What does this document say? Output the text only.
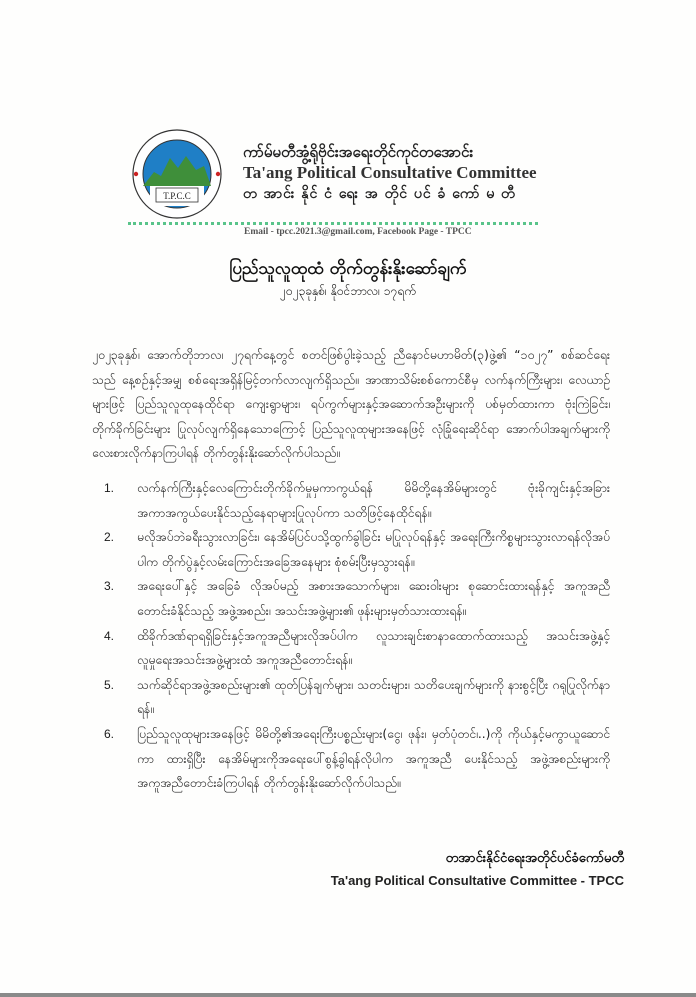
T.P.C.C
ကာ်မ်မတီအွံ့ရိုဗိုင်းအရေးတိုင်ကုင်တအောင်း
Ta'ang Political Consultative Committee
တ အာင်း နိုင် ငံ ရေး အ တိုင် ပင် ခံ ကော် မ တီ
Email - tpcc.2021.3@gmail.com, Facebook Page - TPCC
ပြည်သူလူထုထံ တိုက်တွန်းနိုးဆော်ချက်
၂၀၂၃ခုနှစ်၊ နိုဝင်ဘာလ၊ ၁၇ရက်
၂၀၂၃ခုနှစ်၊ အောက်တိုဘာလ၊ ၂၇ရက်နေ့တွင် စတင်ဖြစ်ပွါးခဲ့သည့် ညီနောင်မဟာမိတ်(၃)ဖွဲ့၏ “၁၀၂၇” စစ်ဆင်ရေးသည် နေ့စဉ်နှင့်အမျှ စစ်ရေးအရှိန်မြင့်တက်လာလျက်ရှိသည်။ အာဏာသိမ်းစစ်ကောင်စီမှ လက်နက်ကြီးများ၊ လေယာဉ်များဖြင့် ပြည်သူလူထုနေထိုင်ရာ ကျေးရွာများ၊ ရပ်ကွက်များနှင့်အဆောက်အဦးများကို ပစ်မှတ်ထားကာ ဗုံးကြဲခြင်း၊ တိုက်ခိုက်ခြင်းများ ပြုလုပ်လျက်ရှိနေသောကြောင့် ပြည်သူလူထုများအနေဖြင့် လုံခြုံရေးဆိုင်ရာ အောက်ပါအချက်များကို လေးစားလိုက်နာကြပါရန် တိုက်တွန်းနိုးဆော်လိုက်ပါသည်။
1. လက်နက်ကြီးနှင့်လေကြောင်းတိုက်ခိုက်မှုမှကာကွယ်ရန် မိမိတို့နေအိမ်များတွင် ဗုံးခိုကျင်းနှင့်အခြားအကာအကွယ်ပေးနိုင်သည့်နေရာများပြုလုပ်ကာ သတိဖြင့်နေထိုင်ရန်။
2. မလိုအပ်ဘဲခရီးသွားလာခြင်း၊ နေအိမ်ပြင်ပသို့ထွက်ခွါခြင်း မပြုလုပ်ရန်နှင့် အရေးကြီးကိစ္စများသွားလာရန်လိုအပ်ပါက တိုက်ပွဲနှင့်လမ်းကြောင်းအခြေအနေများ စုံစမ်းပြီးမှသွားရန်။
3. အရေးပေါ်နှင့် အခြေခံ လိုအပ်မည့် အစားအသောက်များ၊ ဆေးဝါးများ စုဆောင်းထားရန်နှင့် အကူအညီတောင်းခံနိုင်သည့် အဖွဲ့အစည်း၊ အသင်းအဖွဲ့များ၏ ဖုန်းများမှတ်သားထားရန်။
4. ထိခိုက်ဒဏ်ရာရရှိခြင်းနှင့်အကူအညီများလိုအပ်ပါက လူသားချင်းစာနာထောက်ထားသည့် အသင်းအဖွဲ့နှင့် လူမှုရေးအသင်းအဖွဲ့များထံ အကူအညီတောင်းရန်။
5. သက်ဆိုင်ရာအဖွဲ့အစည်းများ၏ ထုတ်ပြန်ချက်များ၊ သတင်းများ၊ သတိပေးချက်များကို နားစွင့်ပြီး ဂရုပြုလိုက်နာရန်။
6. ပြည်သူလူထုများအနေဖြင့် မိမိတို့၏အရေးကြီးပစ္စည်းများ(ငွေ၊ ဖုန်း၊ မှတ်ပုံတင်၊..)ကို ကိုယ်နှင့်မကွာယူဆောင်ကာ ထားရှိပြီး နေအိမ်များကိုအရေးပေါ်စွန့်ခွါရန်လိုပါက အကူအညီ ပေးနိုင်သည့် အဖွဲ့အစည်းများကို အကူအညီတောင်းခံကြပါရန် တိုက်တွန်းနိုးဆော်လိုက်ပါသည်။
တအာင်းနိုင်ငံရေးအတိုင်ပင်ခံကော်မတီ
Ta'ang Political Consultative Committee - TPCC
